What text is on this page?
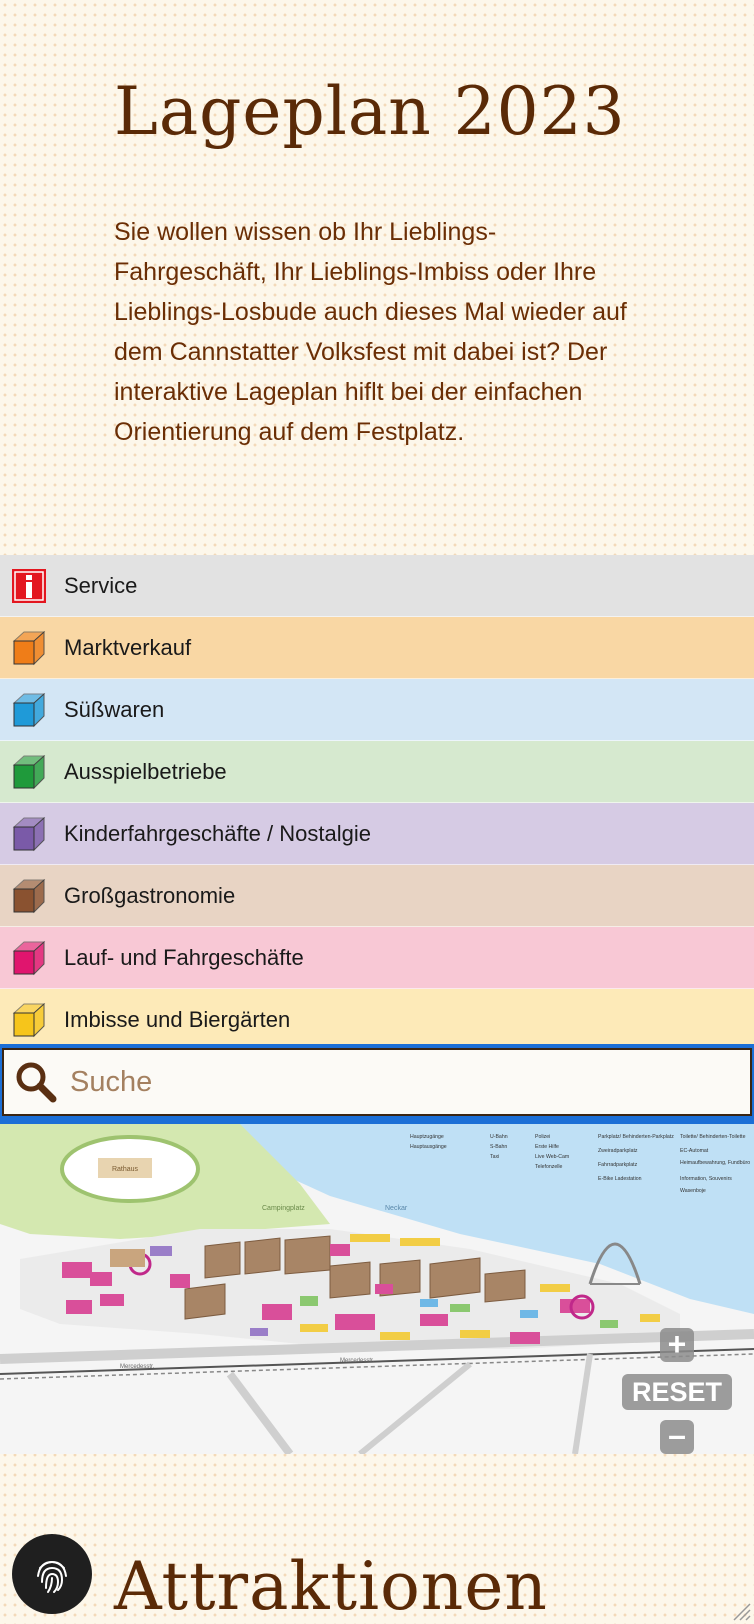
Lageplan 2023

Sie wollen wissen ob Ihr Lieblings-Fahrgeschäft, Ihr Lieblings-Imbiss oder Ihre Lieblings-Losbude auch dieses Mal wieder auf dem Cannstatter Volksfest mit dabei ist? Der interaktive Lageplan hiflt bei der einfachen Orientierung auf dem Festplatz.

Service
Marktverkauf
Süßwaren
Ausspielbetriebe
Kinderfahrgeschäfte / Nostalgie
Großgastronomie
Lauf- und Fahrgeschäfte
Imbisse und Biergärten
Suche
Rathaus
Campingplatz	Neckar
Mercedesstr.
Mercedesstr.
Hauptzugänge
Hauptausgänge
U-Bahn
S-Bahn
Taxi
Polizei
Erste Hilfe
Live Web-Cam
Telefonzelle
Parkplatz/ Behinderten-Parkplatz
Zweiradparkplatz
Fahrradparkplatz
E-Bike Ladestation
Toilette/ Behinderten-Toilette
EC-Automat
Heimaufbewahrung, Fundbüro
Information, Souvenirs
Wasenboje
+
RESET
–
Attraktionen
